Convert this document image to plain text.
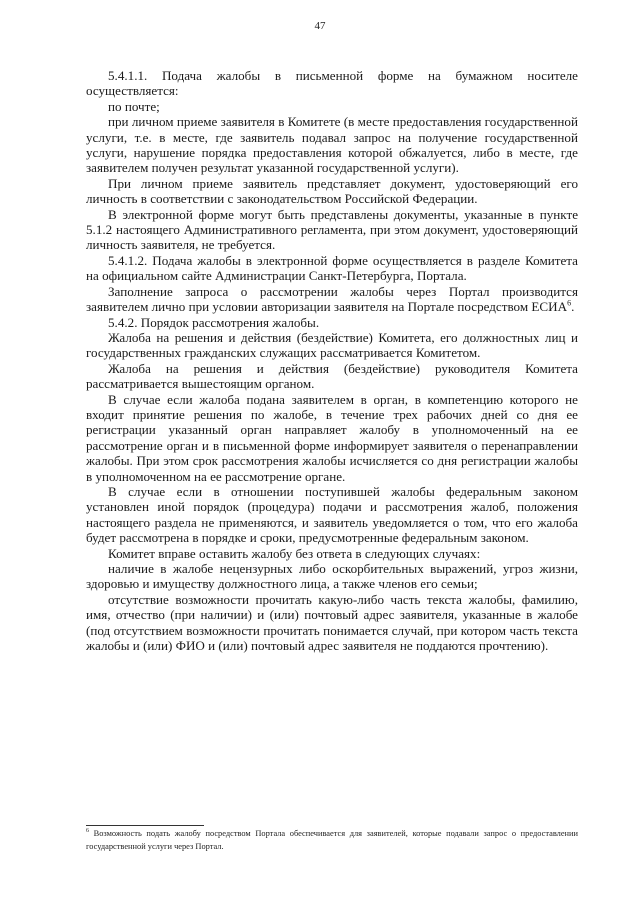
47

5.4.1.1. Подача жалобы в письменной форме на бумажном носителе осуществляется:

по почте;

при личном приеме заявителя в Комитете (в месте предоставления государственной услуги, т.е. в месте, где заявитель подавал запрос на получение государственной услуги, нарушение порядка предоставления которой обжалуется, либо в месте, где заявителем получен результат указанной государственной услуги).

При личном приеме заявитель представляет документ, удостоверяющий его личность в соответствии с законодательством Российской Федерации.

В электронной форме могут быть представлены документы, указанные в пункте 5.1.2 настоящего Административного регламента, при этом документ, удостоверяющий личность заявителя, не требуется.

5.4.1.2. Подача жалобы в электронной форме осуществляется в разделе Комитета на официальном сайте Администрации Санкт-Петербурга, Портала.

Заполнение запроса о рассмотрении жалобы через Портал производится заявителем лично при условии авторизации заявителя на Портале посредством ЕСИА$^6$.

5.4.2. Порядок рассмотрения жалобы.

Жалоба на решения и действия (бездействие) Комитета, его должностных лиц и государственных гражданских служащих рассматривается Комитетом.

Жалоба на решения и действия (бездействие) руководителя Комитета рассматривается вышестоящим органом.

В случае если жалоба подана заявителем в орган, в компетенцию которого не входит принятие решения по жалобе, в течение трех рабочих дней со дня ее регистрации указанный орган направляет жалобу в уполномоченный на ее рассмотрение орган и в письменной форме информирует заявителя о перенаправлении жалобы. При этом срок рассмотрения жалобы исчисляется со дня регистрации жалобы в уполномоченном на ее рассмотрение органе.

В случае если в отношении поступившей жалобы федеральным законом установлен иной порядок (процедура) подачи и рассмотрения жалоб, положения настоящего раздела не применяются, и заявитель уведомляется о том, что его жалоба будет рассмотрена в порядке и сроки, предусмотренные федеральным законом.

Комитет вправе оставить жалобу без ответа в следующих случаях:

наличие в жалобе нецензурных либо оскорбительных выражений, угроз жизни, здоровью и имуществу должностного лица, а также членов его семьи;

отсутствие возможности прочитать какую-либо часть текста жалобы, фамилию, имя, отчество (при наличии) и (или) почтовый адрес заявителя, указанные в жалобе (под отсутствием возможности прочитать понимается случай, при котором часть текста жалобы и (или) ФИО и (или) почтовый адрес заявителя не поддаются прочтению).

$^6$ Возможность подать жалобу посредством Портала обеспечивается для заявителей, которые подавали запрос о предоставлении государственной услуги через Портал.
